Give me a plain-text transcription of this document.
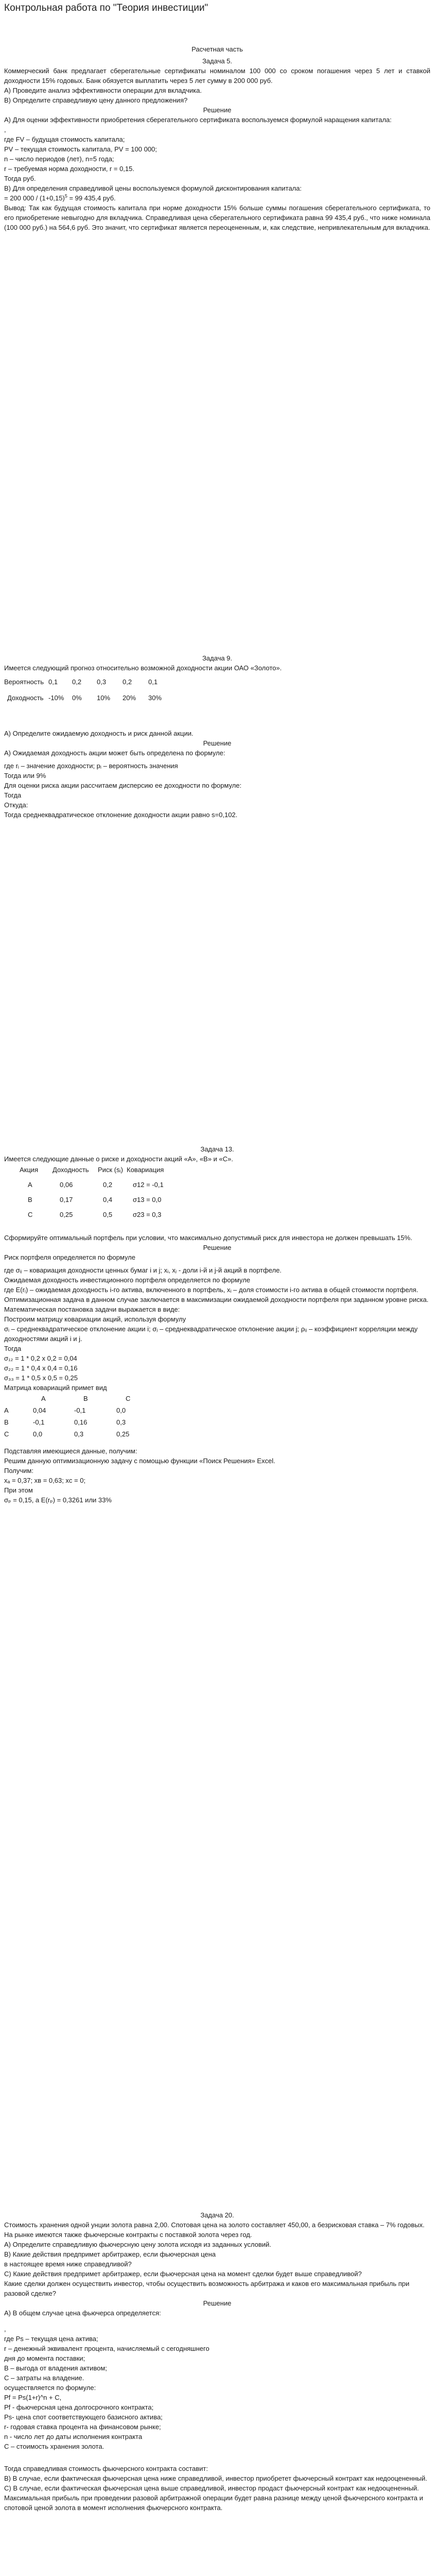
Контрольная работа по "Теория инвестиции"

Расчетная часть

Задача 5.

Коммерческий банк предлагает сберегательные сертификаты номиналом 100 000 со сроком погашения через 5 лет и ставкой доходности 15% годовых. Банк обязуется выплатить через 5 лет сумму в 200 000 руб.

А) Проведите анализ эффективности операции для вкладчика.

В) Определите справедливую цену данного предложения?

Решение

А) Для оценки эффективности приобретения сберегательного сертификата воспользуемся формулой наращения капитала:

,

где FV – будущая стоимость капитала;

PV – текущая стоимость капитала, PV = 100 000;

n – число периодов (лет), n=5 года;

r – требуемая норма доходности, r = 0,15.

Тогда руб.

В) Для определения справедливой цены воспользуемся формулой дисконтирования капитала:

= 200 $000 / (1+0,15)^5 = 99$ 435,4 руб.

Вывод: Так как будущая стоимость капитала при норме доходности 15% больше суммы погашения сберегательного сертификата, то его приобретение невыгодно для вкладчика. Справедливая цена сберегательного сертификата равна 99 435,4 руб., что ниже номинала (100 000 руб.) на 564,6 руб. Это значит, что сертификат является переоцененным, и, как следствие, непривлекательным для вкладчика.

Задача 9.

Имеется следующий прогноз относительно возможной доходности акции ОАО «Золото».

Вероятность	0,1	0,2	0,3	0,2	0,1

Доходность	-10%	0%	10%	20%	30%

А) Определите ожидаемую доходность и риск данной акции.

Решение

А) Ожидаемая доходность акции может быть определена по формуле:

где rᵢ – значение доходности; pᵢ – вероятность значения

Тогда или 9%

Для оценки риска акции рассчитаем дисперсию ее доходности по формуле:

Тогда

Откуда:

Тогда среднеквадратическое отклонение доходности акции равно s=0,102.

Задача 13.

Имеется следующие данные о риске и доходности акций «А», «В» и «С».

Акция	Доходность	Риск (sᵢ)	Ковариация
А	0,06	0,2	σ12 = -0,1
В	0,17	0,4	σ13 = 0,0
С	0,25	0,5	σ23 = 0,3

Сформируйте оптимальный портфель при условии, что максимально допустимый риск для инвестора не должен превышать 15%.

Решение

Риск портфеля определяется по формуле

где σᵢⱼ – ковариация доходности ценных бумаг i и j; xᵢ, xⱼ - доли i-й и j-й акций в портфеле.

Ожидаемая доходность инвестиционного портфеля определяется по формуле

где E(rᵢ) – ожидаемая доходность i-го актива, включенного в портфель, xᵢ – доля стоимости i-го актива в общей стоимости портфеля.

Оптимизационная задача в данном случае заключается в максимизации ожидаемой доходности портфеля при заданном уровне риска.

Математическая постановка задачи выражается в виде:

Построим матрицу ковариации акций, используя формулу

σᵢ – среднеквадратическое отклонение акции i; σⱼ – среднеквадратическое отклонение акции j; ρᵢⱼ – коэффициент корреляции между доходностями акций i и j.

Тогда

σ₁₂ = 1 * 0,2 x 0,2 = 0,04

σ₂₂ = 1 * 0,4 x 0,4 = 0,16

σ₃₃ = 1 * 0,5 x 0,5 = 0,25

Матрица ковариаций примет вид

	А	В	С
А	0,04	-0,1	0,0
В	-0,1	0,16	0,3
С	0,0	0,3	0,25

Подставляя имеющиеся данные, получим:

Решим данную оптимизационную задачу с помощью функции «Поиск Решения» Excel.

Получим:

xₐ = 0,37; xʙ = 0,63; xᴄ = 0;

При этом

σₚ = 0,15, а E(rₚ) = 0,3261 или 33%

Задача 20.

Стоимость хранения одной унции золота равна 2,00. Спотовая цена на золото составляет 450,00, а безрисковая ставка – 7% годовых. На рынке имеются также фьючерсные контракты с поставкой золота через год.

А) Определите справедливую фьючерсную цену золота исходя из заданных условий.

В) Какие действия предпримет арбитражер, если фьючерсная цена

в настоящее время ниже справедливой?

С) Какие действия предпримет арбитражер, если фьючерсная цена на момент сделки будет выше справедливой?

Какие сделки должен осуществить инвестор, чтобы осуществить возможность арбитража и каков его максимальная прибыль при разовой сделке?

Решение

А) В общем случае цена фьючерса определяется:

,

где Ps – текущая цена актива;

r – денежный эквивалент процента, начисляемый с сегодняшнего

дня до момента поставки;

В – выгода от владения активом;

C – затраты на владение.

осуществляется по формуле:

Pf = Ps(1+r)^n + C,

Pf - фьючерсная цена долгосрочного контракта;

Ps- цена спот соответствующего базисного актива;

r- годовая ставка процента на финансовом рынке;

n - число лет до даты исполнения контракта

C – стоимость хранения золота.

Тогда справедливая стоимость фьючерсного контракта составит:

В) В случае, если фактическая фьючерсная цена ниже справедливой, инвестор приобретет фьючерсный контракт как недооцененный.

С) В случае, если фактическая фьючерсная цена выше справедливой, инвестор продаст фьючерсный контракт как недооцененный.

Максимальная прибыль при проведении разовой арбитражной операции будет равна разнице между ценой фьючерсного контракта и спотовой ценой золота в момент исполнения фьючерсного контракта.
